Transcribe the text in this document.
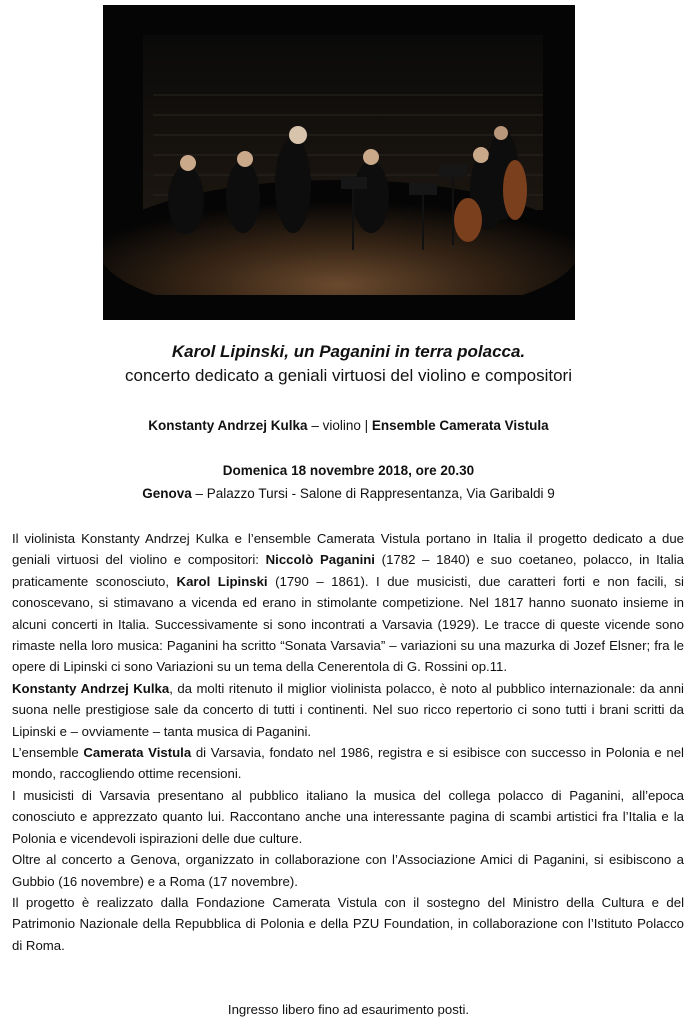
Karol Lipinski, un Paganini in terra polacca.

concerto dedicato a geniali virtuosi del violino e compositori

Konstanty Andrzej Kulka – violino | Ensemble Camerata Vistula

Domenica 18 novembre 2018, ore 20.30

Genova – Palazzo Tursi - Salone di Rappresentanza, Via Garibaldi 9

Il violinista Konstanty Andrzej Kulka e l’ensemble Camerata Vistula portano in Italia il progetto dedicato a due geniali virtuosi del violino e compositori: Niccolò Paganini (1782 – 1840) e suo coetaneo, polacco, in Italia praticamente sconosciuto, Karol Lipinski (1790 – 1861). I due musicisti, due caratteri forti e non facili, si conoscevano, si stimavano a vicenda ed erano in stimolante competizione. Nel 1817 hanno suonato insieme in alcuni concerti in Italia. Successivamente si sono incontrati a Varsavia (1929). Le tracce di queste vicende sono rimaste nella loro musica: Paganini ha scritto “Sonata Varsavia” – variazioni su una mazurka di Jozef Elsner; fra le opere di Lipinski ci sono Variazioni su un tema della Cenerentola di G. Rossini op.11.

Konstanty Andrzej Kulka, da molti ritenuto il miglior violinista polacco, è noto al pubblico internazionale: da anni suona nelle prestigiose sale da concerto di tutti i continenti. Nel suo ricco repertorio ci sono tutti i brani scritti da Lipinski e – ovviamente – tanta musica di Paganini.

L’ensemble Camerata Vistula di Varsavia, fondato nel 1986, registra e si esibisce con successo in Polonia e nel mondo, raccogliendo ottime recensioni.

I musicisti di Varsavia presentano al pubblico italiano la musica del collega polacco di Paganini, all’epoca conosciuto e apprezzato quanto lui. Raccontano anche una interessante pagina di scambi artistici fra l’Italia e la Polonia e vicendevoli ispirazioni delle due culture.

Oltre al concerto a Genova, organizzato in collaborazione con l’Associazione Amici di Paganini, si esibiscono a Gubbio (16 novembre) e a Roma (17 novembre).

Il progetto è realizzato dalla Fondazione Camerata Vistula con il sostegno del Ministro della Cultura e del Patrimonio Nazionale della Repubblica di Polonia e della PZU Foundation, in collaborazione con l’Istituto Polacco di Roma.

Ingresso libero fino ad esaurimento posti.
